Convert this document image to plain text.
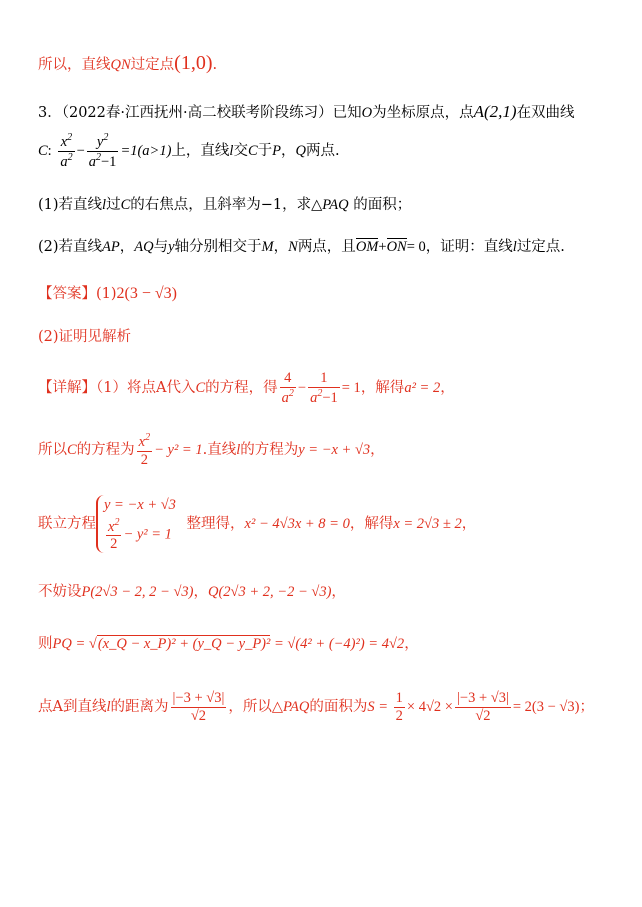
所以，直线QN过定点(1,0).
3．（2022春·江西抚州·高二校联考阶段练习）已知O为坐标原点，点A(2,1)在双曲线
C: $\frac{x^2}{a^2} - \frac{y^2}{a^2-1} =1(a>1)$上，直线l交C于P，Q两点.
(1)若直线l过C的右焦点，且斜率为−1，求△PAQ 的面积；
(2)若直线AP，AQ与y轴分别相交于M，N两点，且OM+ON= 0，证明：直线l过定点.
【答案】(1)2(3 − √3)
(2)证明见解析
【详解】（1）将点A代入C的方程，得 $\frac{4}{a^2} - \frac{1}{a^2-1} = 1$，解得a² = 2，
所以C的方程为 $\frac{x^2}{2} - y^2 = 1$.直线l的方程为y = −x + √3，
联立方程
y = −x + √3
$\frac{x^2}{2} - y^2 = 1$
整理得，x² − 4√3x + 8 = 0，解得x = 2√3 ± 2，
不妨设P(2√3 − 2, 2 − √3)，Q(2√3 + 2, −2 − √3)，
则PQ = √(x_Q − x_P)² + (y_Q − y_P)² = √(4² + (−4)²) = 4√2，
点A到直线l的距离为 $\frac{|-3 + √3|}{√2}$ ，所以△PAQ的面积为$S = \frac{1}{2} \times 4√2 \times \frac{|-3 + √3|}{√2} = 2(3 - √3)$；
